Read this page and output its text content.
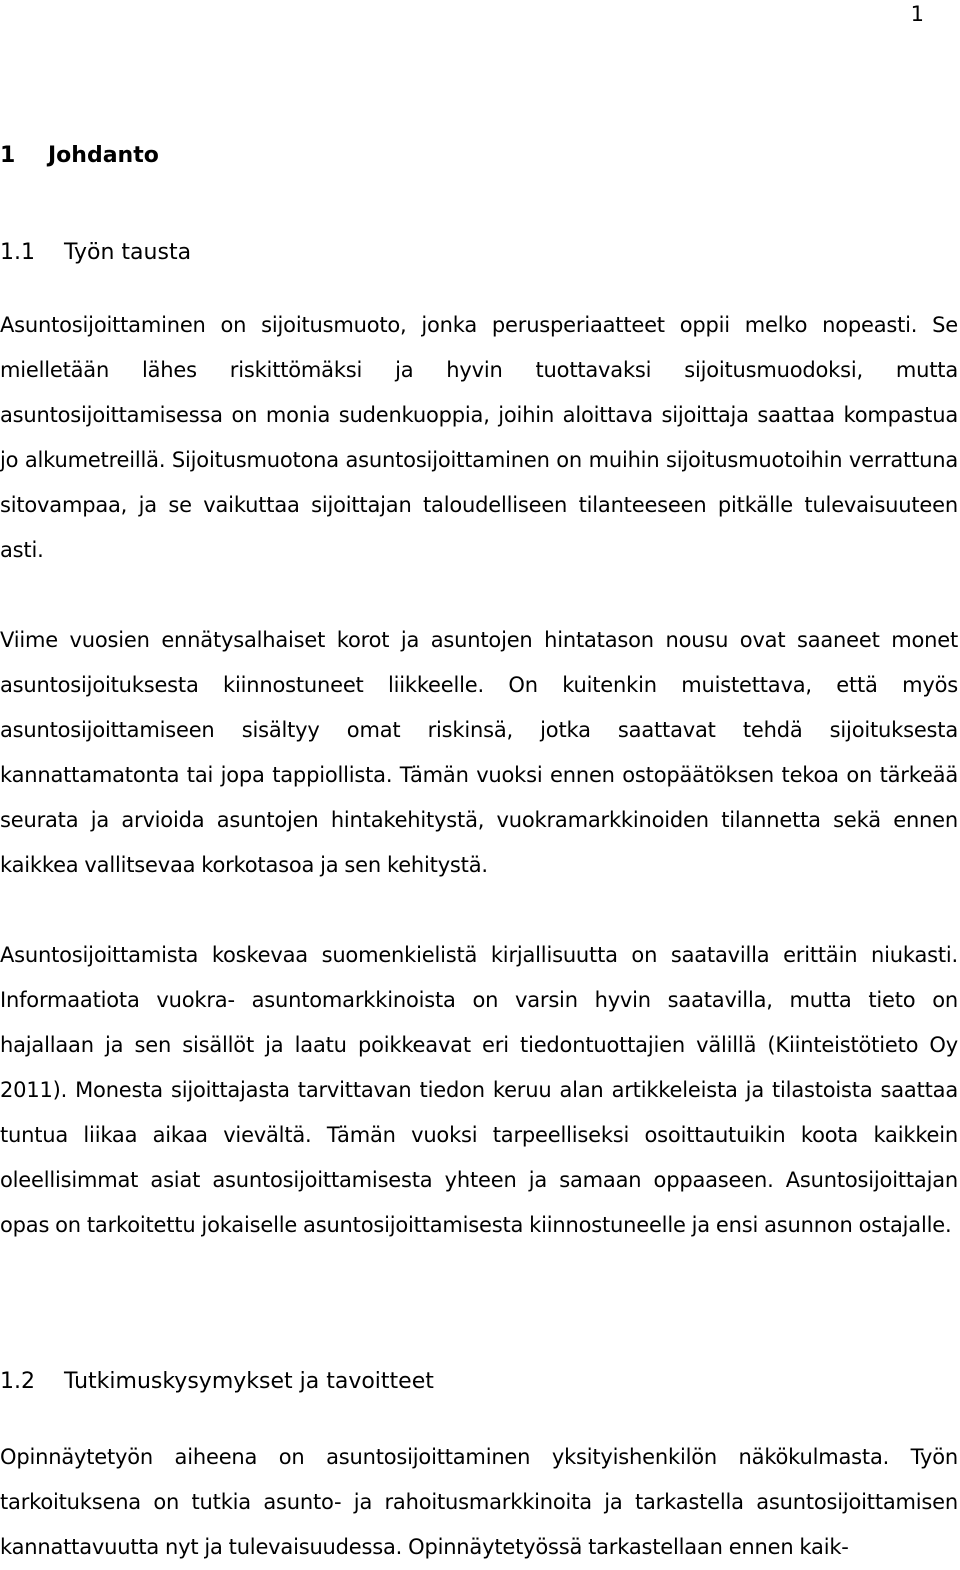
1
1 Johdanto
1.1 Työn tausta

Asuntosijoittaminen on sijoitusmuoto, jonka perusperiaatteet oppii melko nopeasti. Se mielletään lähes riskittömäksi ja hyvin tuottavaksi sijoitusmuodoksi, mutta asuntosijoittamisessa on monia sudenkuoppia, joihin aloittava sijoittaja saattaa kompastua jo alkumetreillä. Sijoitusmuotona asuntosijoittaminen on muihin sijoitusmuotoihin verrattuna sitovampaa, ja se vaikuttaa sijoittajan taloudelliseen tilanteeseen pitkälle tulevaisuuteen asti.

Viime vuosien ennätysalhaiset korot ja asuntojen hintatason nousu ovat saaneet monet asuntosijoituksesta kiinnostuneet liikkeelle. On kuitenkin muistettava, että myös asuntosijoittamiseen sisältyy omat riskinsä, jotka saattavat tehdä sijoituksesta kannattamatonta tai jopa tappiollista. Tämän vuoksi ennen ostopäätöksen tekoa on tärkeää seurata ja arvioida asuntojen hintakehitystä, vuokramarkkinoiden tilannetta sekä ennen kaikkea vallitsevaa korkotasoa ja sen kehitystä.

Asuntosijoittamista koskevaa suomenkielistä kirjallisuutta on saatavilla erittäin niukasti. Informaatiota vuokra- asuntomarkkinoista on varsin hyvin saatavilla, mutta tieto on hajallaan ja sen sisällöt ja laatu poikkeavat eri tiedontuottajien välillä (Kiinteistötieto Oy 2011). Monesta sijoittajasta tarvittavan tiedon keruu alan artikkeleista ja tilastoista saattaa tuntua liikaa aikaa vievältä. Tämän vuoksi tarpeelliseksi osoittautuikin koota kaikkein oleellisimmat asiat asuntosijoittamisesta yhteen ja samaan oppaaseen. Asuntosijoittajan opas on tarkoitettu jokaiselle asuntosijoittamisesta kiinnostuneelle ja ensi asunnon ostajalle.

1.2 Tutkimuskysymykset ja tavoitteet

Opinnäytetyön aiheena on asuntosijoittaminen yksityishenkilön näkökulmasta. Työn tarkoituksena on tutkia asunto- ja rahoitusmarkkinoita ja tarkastella asuntosijoittamisen kannattavuutta nyt ja tulevaisuudessa. Opinnäytetyössä tarkastellaan ennen kaik-
